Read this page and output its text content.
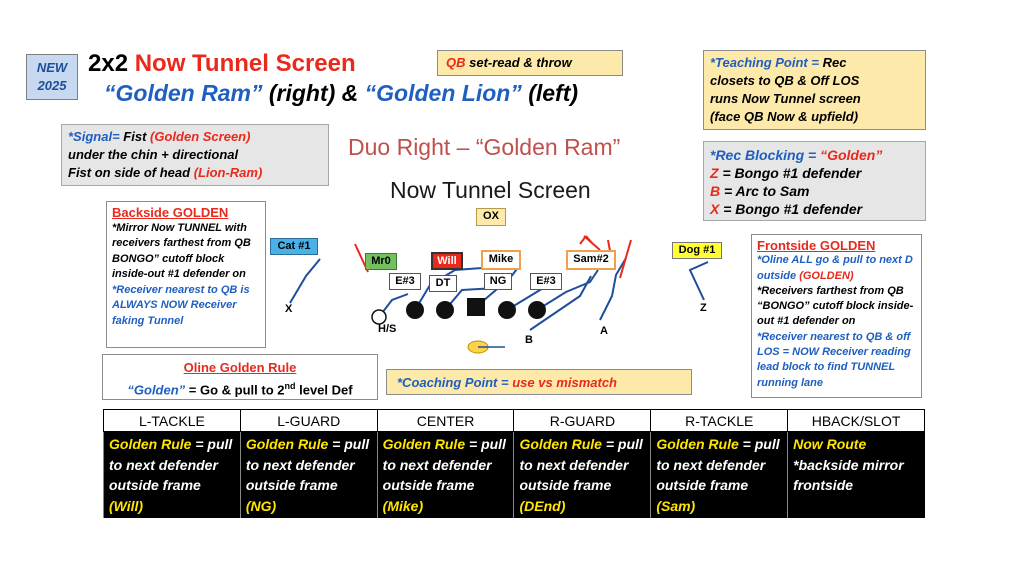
NEW
2025
2x2 Now Tunnel Screen
“Golden Ram” (right) & “Golden Lion” (left)
QB set-read & throw	*Teaching Point = Rec
closets to QB & Off LOS
runs Now Tunnel screen
(face QB Now & upfield)
*Signal= Fist (Golden Screen)
under the chin + directional
Fist on side of head (Lion-Ram)
Duo Right – “Golden Ram”
Now Tunnel Screen
*Rec Blocking = “Golden”
Z = Bongo #1 defender
B = Arc to Sam
X = Bongo #1 defender
Backside GOLDEN
*Mirror Now TUNNEL with receivers farthest from QB BONGO” cutoff block inside-out #1 defender on
*Receiver nearest to QB is ALWAYS NOW Receiver faking Tunnel
Frontside GOLDEN
*Oline ALL go & pull to next D outside (GOLDEN)
*Receivers farthest from QB “BONGO” cutoff block inside-out #1 defender on
*Receiver nearest to QB & off LOS = NOW Receiver reading lead block to find TUNNEL running lane
Oline Golden Rule
“Golden” = Go & pull to 2nd level Def	*Coaching Point = use vs mismatch
OX
Cat #1	Dog #1
Mr0	Will	Mike	Sam#2
E#3	DT	NG	E#3
X	Z
H/S	A
B
L-TACKLE	L-GUARD	CENTER	R-GUARD	R-TACKLE	HBACK/SLOT
Golden Rule = pull to next defender outside frame (Will)	Golden Rule = pull to next defender outside frame (NG)	Golden Rule = pull to next defender outside frame (Mike)	Golden Rule = pull to next defender outside frame (DEnd)	Golden Rule = pull to next defender outside frame (Sam)	Now Route *backside mirror frontside
